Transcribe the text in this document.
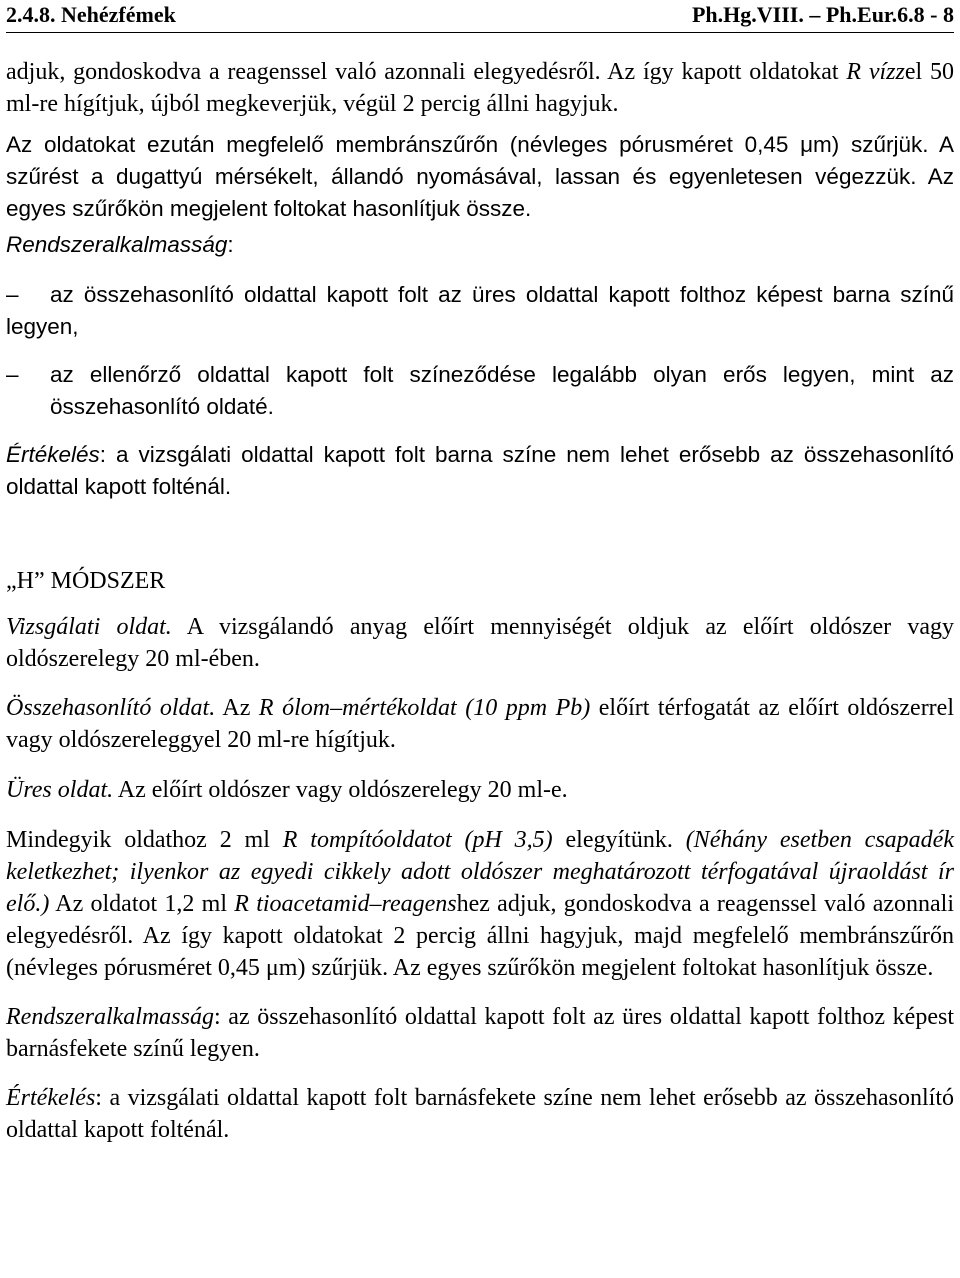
2.4.8. Nehézfémek	Ph.Hg.VIII. – Ph.Eur.6.8 - 8

adjuk, gondoskodva a reagenssel való azonnali elegyedésről. Az így kapott oldatokat R vízzel 50 ml-re hígítjuk, újból megkeverjük, végül 2 percig állni hagyjuk.

Az oldatokat ezután megfelelő membránszűrőn (névleges pórusméret 0,45 μm) szűrjük. A szűrést a dugattyú mérsékelt, állandó nyomásával, lassan és egyenletesen végezzük. Az egyes szűrőkön megjelent foltokat hasonlítjuk össze.

Rendszeralkalmasság:

– az összehasonlító oldattal kapott folt az üres oldattal kapott folthoz képest barna színű legyen,

– az ellenőrző oldattal kapott folt színeződése legalább olyan erős legyen, mint az összehasonlító oldaté.

Értékelés: a vizsgálati oldattal kapott folt barna színe nem lehet erősebb az összehasonlító oldattal kapott folténál.

„H” MÓDSZER

Vizsgálati oldat. A vizsgálandó anyag előírt mennyiségét oldjuk az előírt oldószer vagy oldószerelegy 20 ml-ében.

Összehasonlító oldat. Az R ólom–mértékoldat (10 ppm Pb) előírt térfogatát az előírt oldószerrel vagy oldószereleggyel 20 ml-re hígítjuk.

Üres oldat. Az előírt oldószer vagy oldószerelegy 20 ml-e.

Mindegyik oldathoz 2 ml R tompítóoldatot (pH 3,5) elegyítünk. (Néhány esetben csapadék keletkezhet; ilyenkor az egyedi cikkely adott oldószer meghatározott térfogatával újraoldást ír elő.) Az oldatot 1,2 ml R tioacetamid–reagenshez adjuk, gondoskodva a reagenssel való azonnali elegyedésről. Az így kapott oldatokat 2 percig állni hagyjuk, majd megfelelő membránszűrőn (névleges pórusméret 0,45 μm) szűrjük. Az egyes szűrőkön megjelent foltokat hasonlítjuk össze.

Rendszeralkalmasság: az összehasonlító oldattal kapott folt az üres oldattal kapott folthoz képest barnásfekete színű legyen.

Értékelés: a vizsgálati oldattal kapott folt barnásfekete színe nem lehet erősebb az összehasonlító oldattal kapott folténál.
